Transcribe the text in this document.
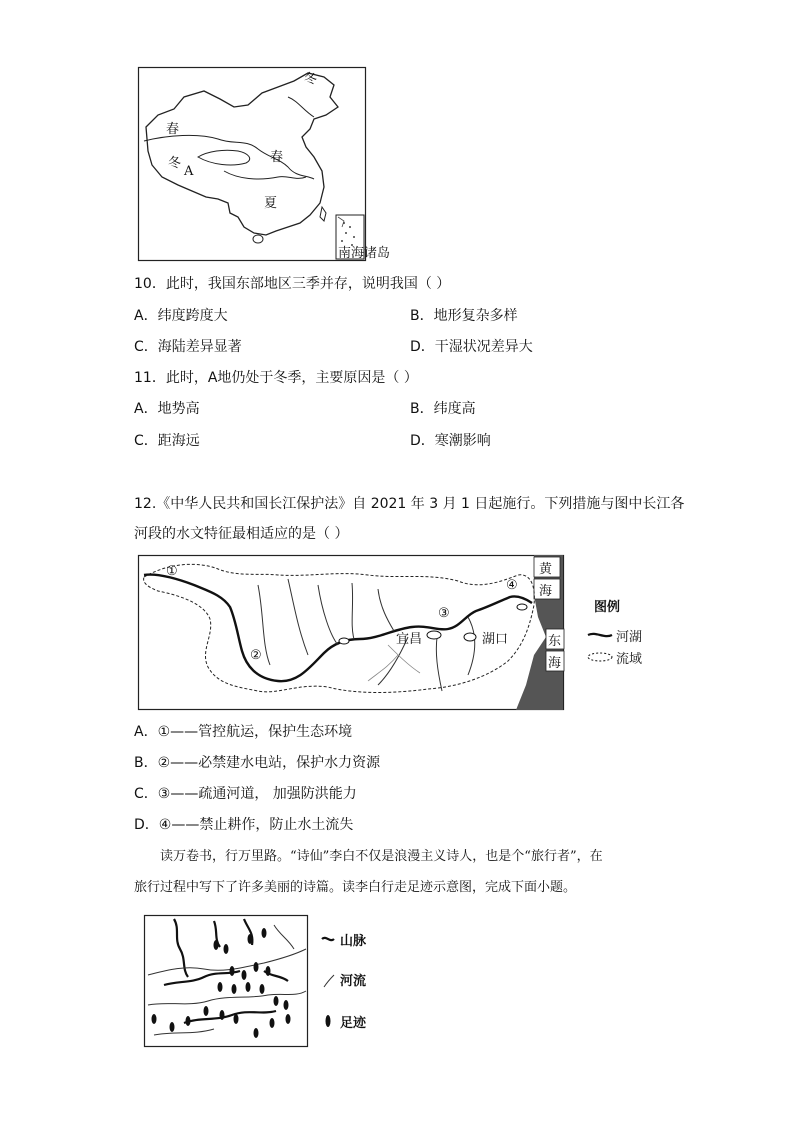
南海诸岛
春
冬
冬
A
春
夏
10．此时，我国东部地区三季并存，说明我国（ ）
A．纬度跨度大	B．地形复杂多样
C．海陆差异显著	D．干湿状况差异大
11．此时，A地仍处于冬季，主要原因是（ ）
A．地势高	B．纬度高
C．距海远	D．寒潮影响
12.《中华人民共和国长江保护法》自 2021 年 3 月 1 日起施行。下列措施与图中长江各
河段的水文特征最相适应的是（ ）
黄
海
东
海
①
②
③
④
宜昌	湖口
图例
河湖
流域
A．①——管控航运，保护生态环境
B．②——必禁建水电站，保护水力资源
C．③——疏通河道， 加强防洪能力
D．④——禁止耕作，防止水土流失
读万卷书，行万里路。“诗仙”李白不仅是浪漫主义诗人，也是个“旅行者”，在
旅行过程中写下了许多美丽的诗篇。读李白行走足迹示意图，完成下面小题。
山脉
河流
足迹
